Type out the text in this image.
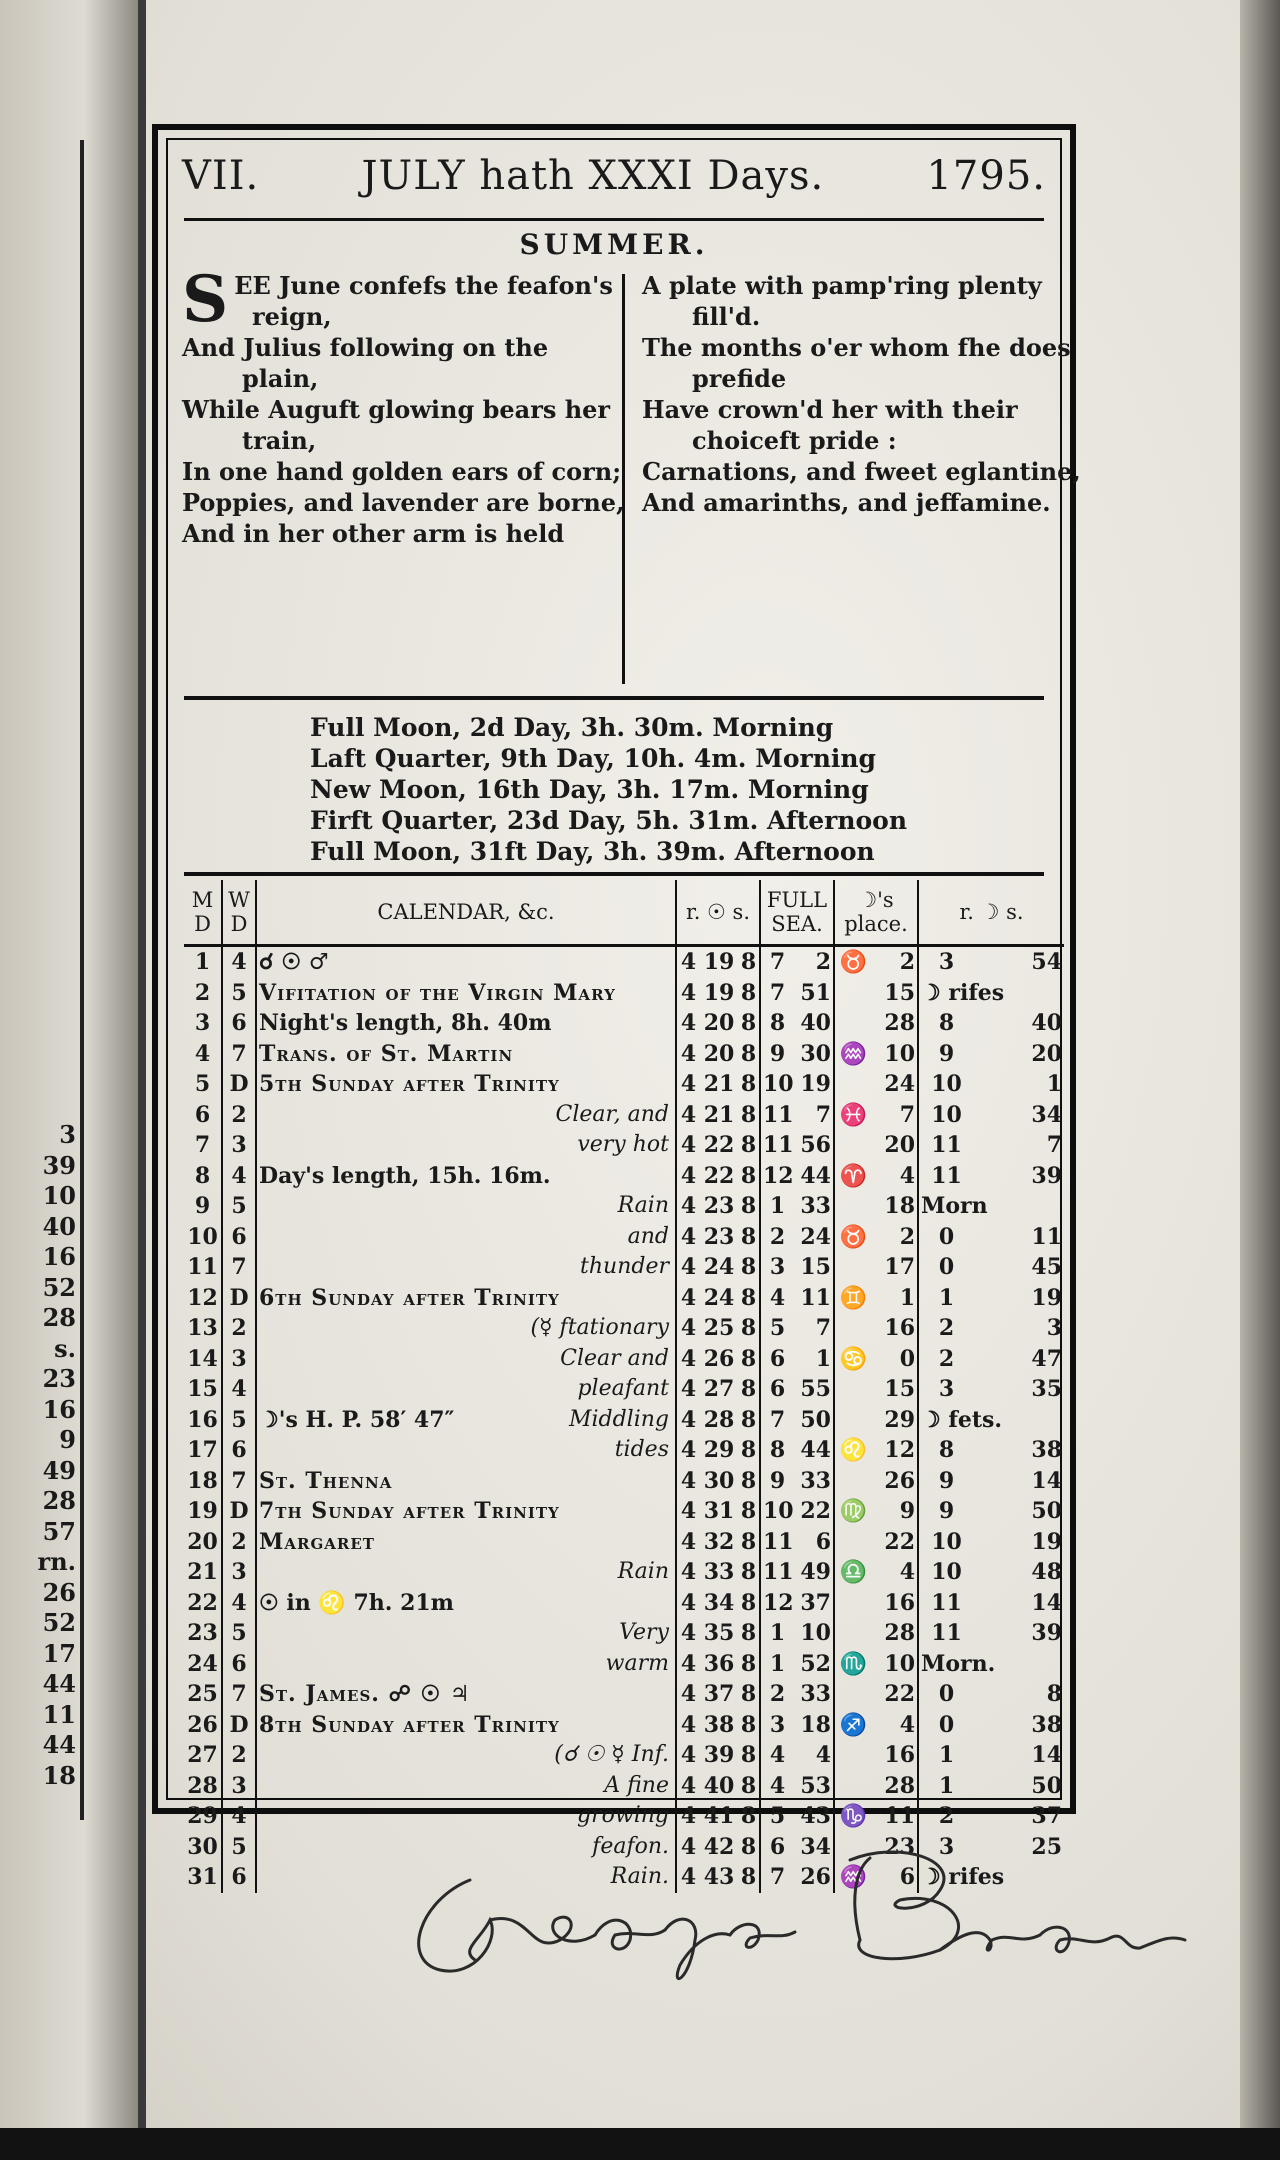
3
39
10
40
16
52
28
s.
23
16
9
49
28
57
rn.
26
52
17
44
11
44
18
VII.	JULY hath XXXI Days.	1795.
SUMMER.
S EE June confefs the feafon's
reign,
And Julius following on the
plain,
While Auguft glowing bears her
train,
In one hand golden ears of corn;
Poppies, and lavender are borne,
And in her other arm is held
A plate with pamp'ring plenty
fill'd.
The months o'er whom fhe does
prefide
Have crown'd her with their
choiceft pride :
Carnations, and fweet eglantine,
And amarinths, and jeffamine.
Full Moon, 2d Day, 3h. 30m. Morning
Laft Quarter, 9th Day, 10h. 4m. Morning
New Moon, 16th Day, 3h. 17m. Morning
Firft Quarter, 23d Day, 5h. 31m. Afternoon
Full Moon, 31ft Day, 3h. 39m. Afternoon
M D	W D	CALENDAR, &c.	r. ☉ s.			FULL SEA.		☽'s place.		r. ☽ s.	
1	4	☌ ☉ ♂	4	19	8	7	2	♉	2	3	54
2	5	Vifitation of the Virgin Mary	4	19	8	7	51		15	☽ rifes	
3	6	Night's length, 8h. 40m	4	20	8	8	40		28	8	40
4	7	Trans. of St. Martin	4	20	8	9	30	♒	10	9	20
5	D	5th Sunday after Trinity	4	21	8	10	19		24	10	1
6	2	Clear, and	4	21	8	11	7	♓	7	10	34
7	3	very hot	4	22	8	11	56		20	11	7
8	4	Day's length, 15h. 16m.	4	22	8	12	44	♈	4	11	39
9	5	Rain	4	23	8	1	33		18	Morn	
10	6	and	4	23	8	2	24	♉	2	0	11
11	7	thunder	4	24	8	3	15		17	0	45
12	D	6th Sunday after Trinity	4	24	8	4	11	♊	1	1	19
13	2	(☿ ftationary	4	25	8	5	7		16	2	3
14	3	Clear and	4	26	8	6	1	♋	0	2	47
15	4	pleafant	4	27	8	6	55		15	3	35
16	5	☽'s H. P. 58′ 47″ Middling	4	28	8	7	50		29	☽ fets.	
17	6	tides	4	29	8	8	44	♌	12	8	38
18	7	St. Thenna	4	30	8	9	33		26	9	14
19	D	7th Sunday after Trinity	4	31	8	10	22	♍	9	9	50
20	2	Margaret	4	32	8	11	6		22	10	19
21	3	Rain	4	33	8	11	49	♎	4	10	48
22	4	☉ in ♌ 7h. 21m	4	34	8	12	37		16	11	14
23	5	Very	4	35	8	1	10		28	11	39
24	6	warm	4	36	8	1	52	♏	10	Morn.	
25	7	St. James. ☍ ☉ ♃	4	37	8	2	33		22	0	8
26	D	8th Sunday after Trinity	4	38	8	3	18	♐	4	0	38
27	2	(☌ ☉ ☿ Inf.	4	39	8	4	4		16	1	14
28	3	A fine	4	40	8	4	53		28	1	50
29	4	growing	4	41	8	5	43	♑	11	2	37
30	5	feafon.	4	42	8	6	34		23	3	25
31	6	Rain.	4	43	8	7	26	♒	6	☽ rifes	
